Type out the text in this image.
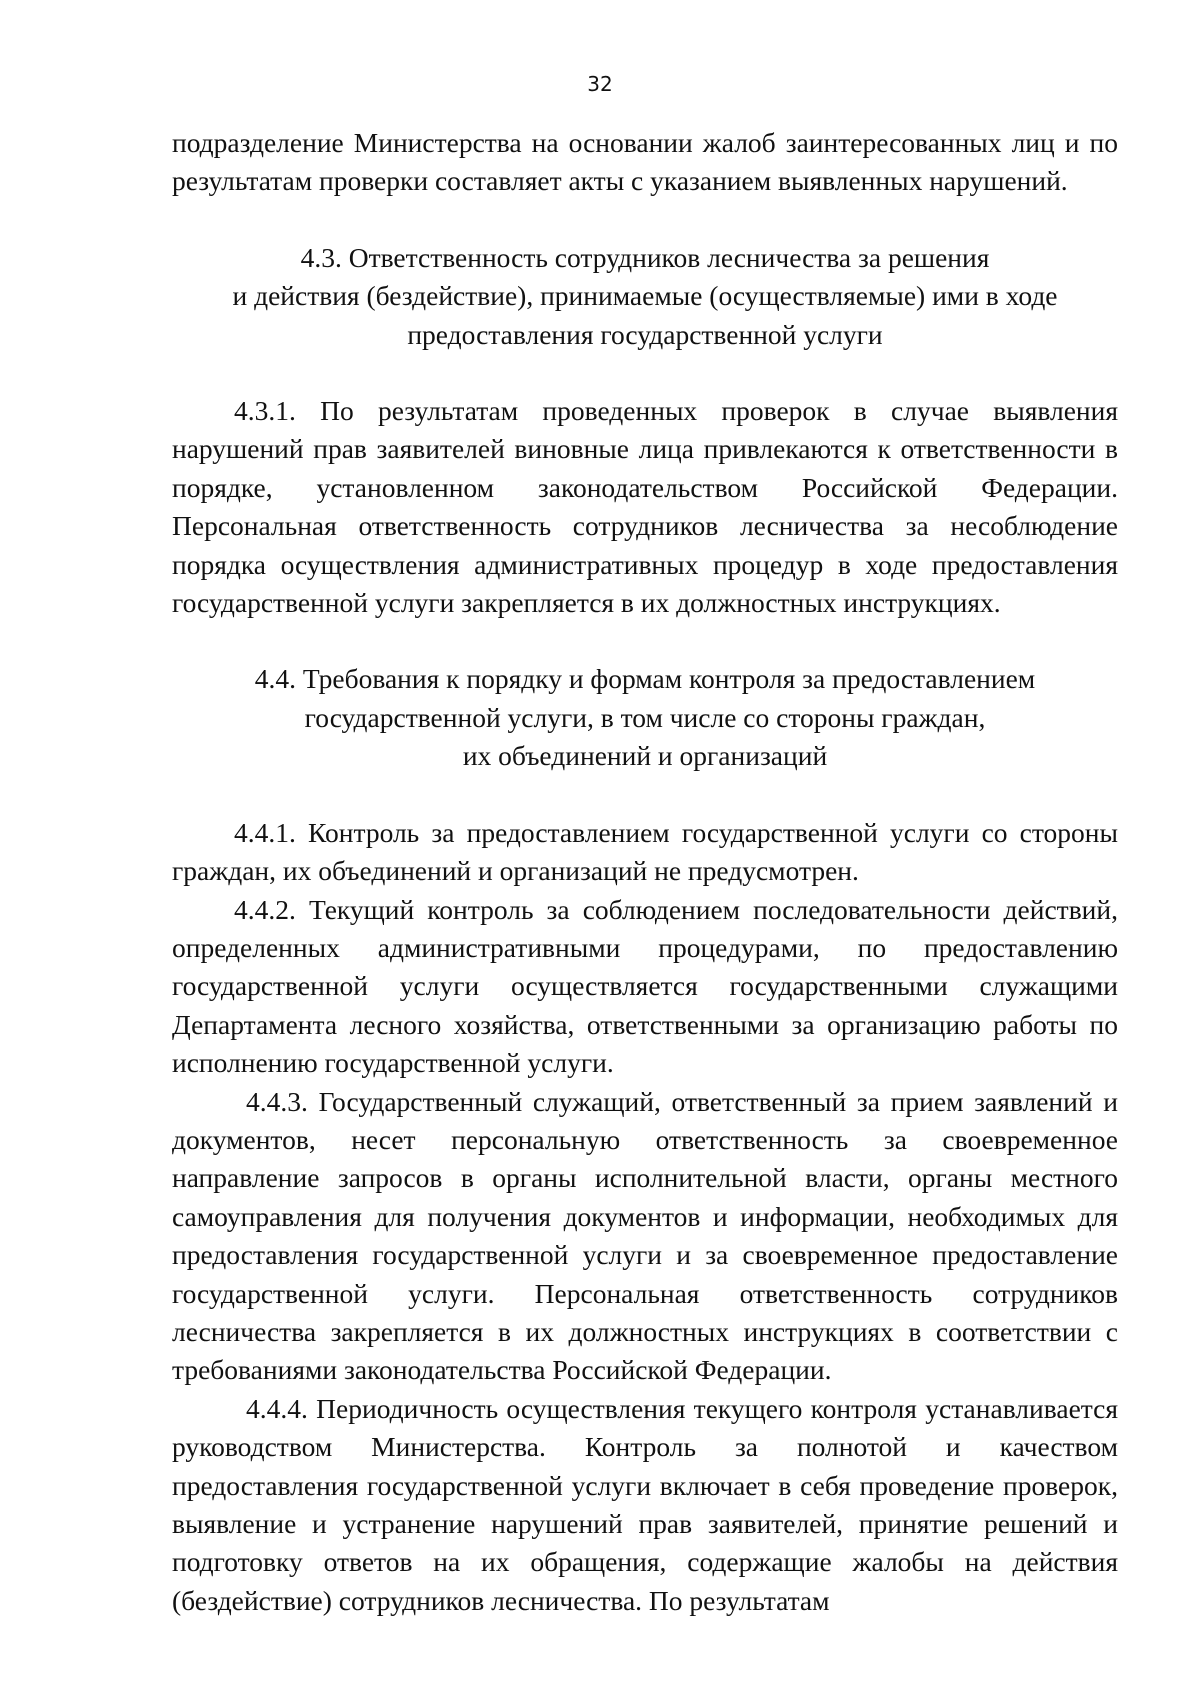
32

подразделение Министерства на основании жалоб заинтересованных лиц и по результатам проверки составляет акты с указанием выявленных нарушений.

4.3. Ответственность сотрудников лесничества за решения
и действия (бездействие), принимаемые (осуществляемые) ими в ходе
предоставления государственной услуги

4.3.1. По результатам проведенных проверок в случае выявления нарушений прав заявителей виновные лица привлекаются к ответственности в порядке, установленном законодательством Российской Федерации. Персональная ответственность сотрудников лесничества за несоблюдение порядка осуществления административных процедур в ходе предоставления государственной услуги закрепляется в их должностных инструкциях.

4.4. Требования к порядку и формам контроля за предоставлением
государственной услуги, в том числе со стороны граждан,
их объединений и организаций

4.4.1. Контроль за предоставлением государственной услуги со стороны граждан, их объединений и организаций не предусмотрен.

4.4.2. Текущий контроль за соблюдением последовательности действий, определенных административными процедурами, по предоставлению государственной услуги осуществляется государственными служащими Департамента лесного хозяйства, ответственными за организацию работы по исполнению государственной услуги.

4.4.3. Государственный служащий, ответственный за прием заявлений и документов, несет персональную ответственность за своевременное направление запросов в органы исполнительной власти, органы местного самоуправления для получения документов и информации, необходимых для предоставления государственной услуги и за своевременное предоставление государственной услуги. Персональная ответственность сотрудников лесничества закрепляется в их должностных инструкциях в соответствии с требованиями законодательства Российской Федерации.

4.4.4. Периодичность осуществления текущего контроля устанавливается руководством Министерства. Контроль за полнотой и качеством предоставления государственной услуги включает в себя проведение проверок, выявление и устранение нарушений прав заявителей, принятие решений и подготовку ответов на их обращения, содержащие жалобы на действия (бездействие) сотрудников лесничества. По результатам
